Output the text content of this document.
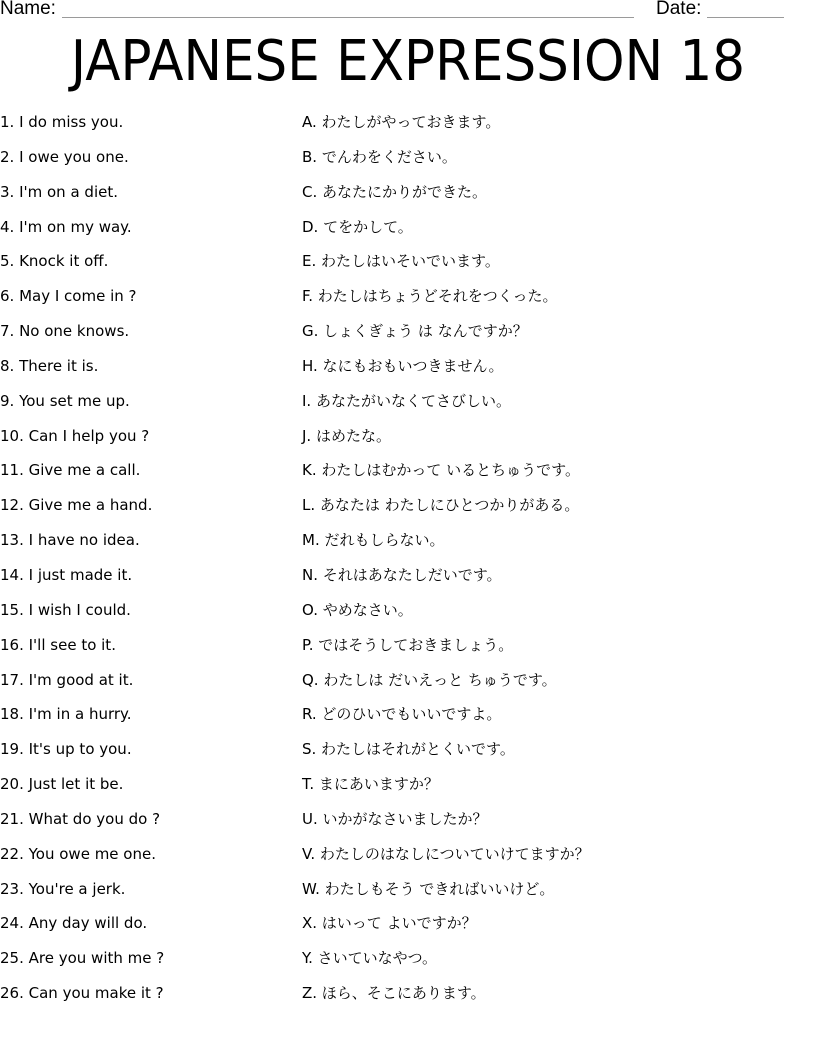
Name:	Date:
JAPANESE EXPRESSION 18
1. I do miss you.
2. I owe you one.
3. I'm on a diet.
4. I'm on my way.
5. Knock it off.
6. May I come in ?
7. No one knows.
8. There it is.
9. You set me up.
10. Can I help you ?
11. Give me a call.
12. Give me a hand.
13. I have no idea.
14. I just made it.
15. I wish I could.
16. I'll see to it.
17. I'm good at it.
18. I'm in a hurry.
19. It's up to you.
20. Just let it be.
21. What do you do ?
22. You owe me one.
23. You're a jerk.
24. Any day will do.
25. Are you with me ?
26. Can you make it ?
A. わたしがやっておきます。
B. でんわをください。
C. あなたにかりができた。
D. てをかして。
E. わたしはいそいでいます。
F. わたしはちょうどそれをつくった。
G. しょくぎょう は なんですか？
H. なにもおもいつきません。
I. あなたがいなくてさびしい。
J. はめたな。
K. わたしはむかって いるとちゅうです。
L. あなたは わたしにひとつかりがある。
M. だれもしらない。
N. それはあなたしだいです。
O. やめなさい。
P. ではそうしておきましょう。
Q. わたしは だいえっと ちゅうです。
R. どのひいでもいいですよ。
S. わたしはそれがとくいです。
T. まにあいますか？
U. いかがなさいましたか？
V. わたしのはなしについていけてますか？
W. わたしもそう できればいいけど。
X. はいって よいですか？
Y. さいていなやつ。
Z. ほら、そこにあります。
